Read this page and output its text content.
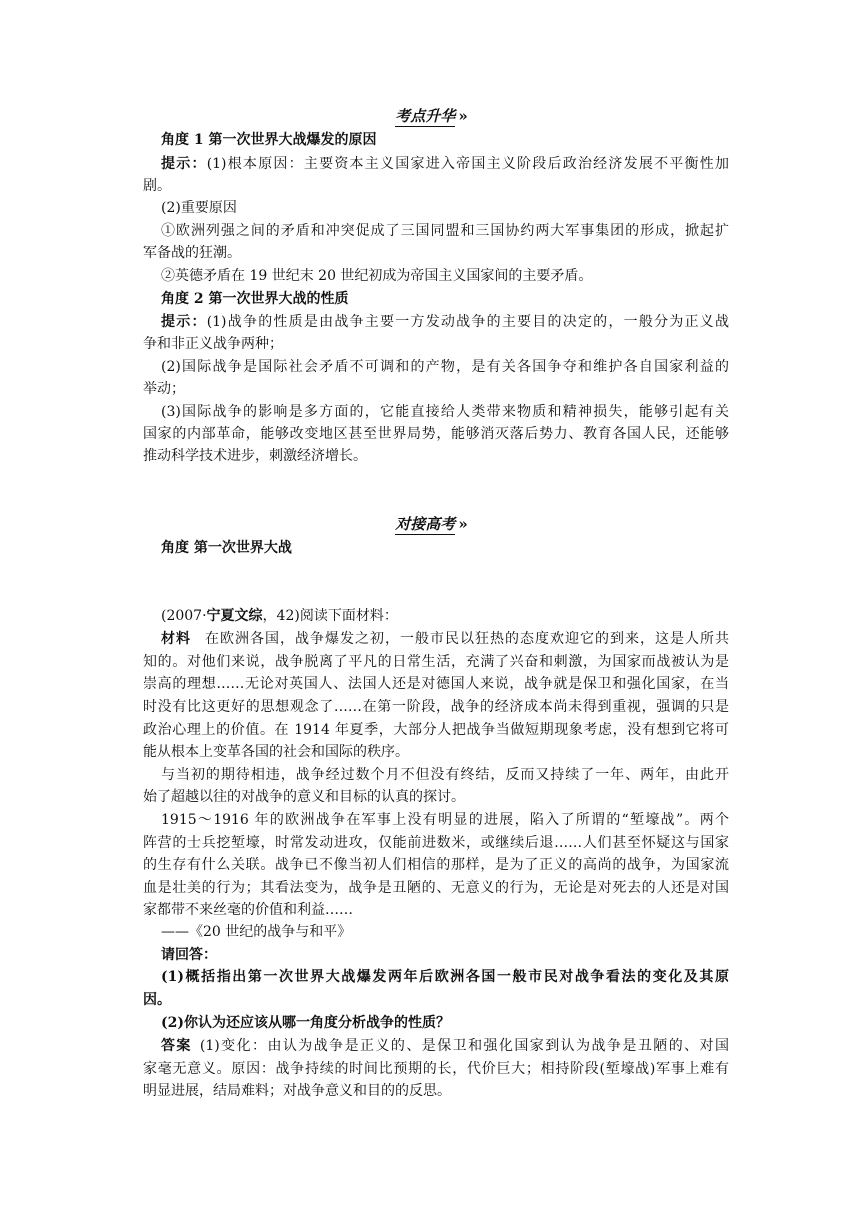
考点升华 »
角度 1 第一次世界大战爆发的原因
提示：(1)根本原因：主要资本主义国家进入帝国主义阶段后政治经济发展不平衡性加
剧。
(2)重要原因
①欧洲列强之间的矛盾和冲突促成了三国同盟和三国协约两大军事集团的形成，掀起扩
军备战的狂潮。
②英德矛盾在 19 世纪末 20 世纪初成为帝国主义国家间的主要矛盾。
角度 2 第一次世界大战的性质
提示：(1)战争的性质是由战争主要一方发动战争的主要目的决定的，一般分为正义战
争和非正义战争两种；
(2)国际战争是国际社会矛盾不可调和的产物，是有关各国争夺和维护各自国家利益的
举动；
(3)国际战争的影响是多方面的，它能直接给人类带来物质和精神损失，能够引起有关
国家的内部革命，能够改变地区甚至世界局势，能够消灭落后势力、教育各国人民，还能够
推动科学技术进步，刺激经济增长。
对接高考 »
角度 第一次世界大战
(2007·宁夏文综，42)阅读下面材料：
材料 在欧洲各国，战争爆发之初，一般市民以狂热的态度欢迎它的到来，这是人所共
知的。对他们来说，战争脱离了平凡的日常生活，充满了兴奋和刺激，为国家而战被认为是
崇高的理想……无论对英国人、法国人还是对德国人来说，战争就是保卫和强化国家，在当
时没有比这更好的思想观念了……在第一阶段，战争的经济成本尚未得到重视，强调的只是
政治心理上的价值。在 1914 年夏季，大部分人把战争当做短期现象考虑，没有想到它将可
能从根本上变革各国的社会和国际的秩序。
与当初的期待相违，战争经过数个月不但没有终结，反而又持续了一年、两年，由此开
始了超越以往的对战争的意义和目标的认真的探讨。
1915～1916 年的欧洲战争在军事上没有明显的进展，陷入了所谓的“堑壕战”。两个
阵营的士兵挖堑壕，时常发动进攻，仅能前进数米，或继续后退……人们甚至怀疑这与国家
的生存有什么关联。战争已不像当初人们相信的那样，是为了正义的高尚的战争，为国家流
血是壮美的行为；其看法变为，战争是丑陋的、无意义的行为，无论是对死去的人还是对国
家都带不来丝毫的价值和利益……
——《20 世纪的战争与和平》
请回答：
(1)概括指出第一次世界大战爆发两年后欧洲各国一般市民对战争看法的变化及其原
因。
(2)你认为还应该从哪一角度分析战争的性质？
答案 (1)变化：由认为战争是正义的、是保卫和强化国家到认为战争是丑陋的、对国
家毫无意义。原因：战争持续的时间比预期的长，代价巨大；相持阶段(堑壕战)军事上难有
明显进展，结局难料；对战争意义和目的的反思。
